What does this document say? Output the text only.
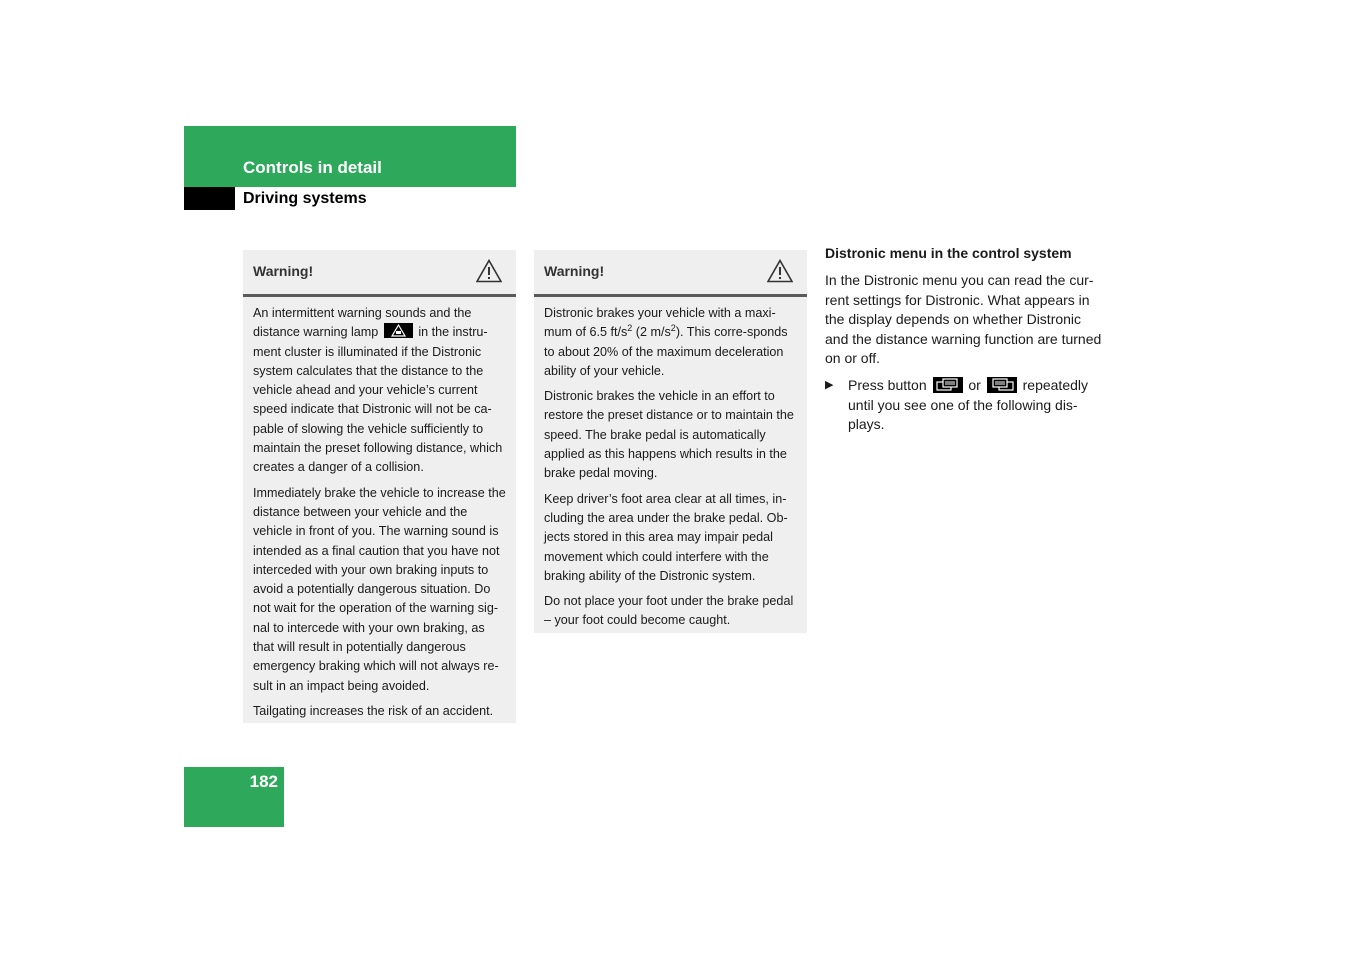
Controls in detail
Driving systems
Warning!

An intermittent warning sounds and the distance warning lamp	in the instru-ment cluster is illuminated if the Distronic system calculates that the distance to the vehicle ahead and your vehicle’s current speed indicate that Distronic will not be ca-pable of slowing the vehicle sufficiently to maintain the preset following distance, which creates a danger of a collision.

Immediately brake the vehicle to increase the distance between your vehicle and the vehicle in front of you. The warning sound is intended as a final caution that you have not interceded with your own braking inputs to avoid a potentially dangerous situation. Do not wait for the operation of the warning sig-nal to intercede with your own braking, as that will result in potentially dangerous emergency braking which will not always re-sult in an impact being avoided.

Tailgating increases the risk of an accident.

Warning!

Distronic brakes your vehicle with a maxi-mum of 6.5 $ft/s^2$ (2 $m/s^2$). This corre-sponds to about 20% of the maximum deceleration ability of your vehicle.

Distronic brakes the vehicle in an effort to restore the preset distance or to maintain the speed. The brake pedal is automatically applied as this happens which results in the brake pedal moving.

Keep driver’s foot area clear at all times, in-cluding the area under the brake pedal. Ob-jects stored in this area may impair pedal movement which could interfere with the braking ability of the Distronic system.

Do not place your foot under the brake pedal – your foot could become caught.

Distronic menu in the control system

In the Distronic menu you can read the cur-rent settings for Distronic. What appears in the display depends on whether Distronic and the distance warning function are turned on or off.

▶ Press button	or	repeatedly until you see one of the following dis-plays.
182
